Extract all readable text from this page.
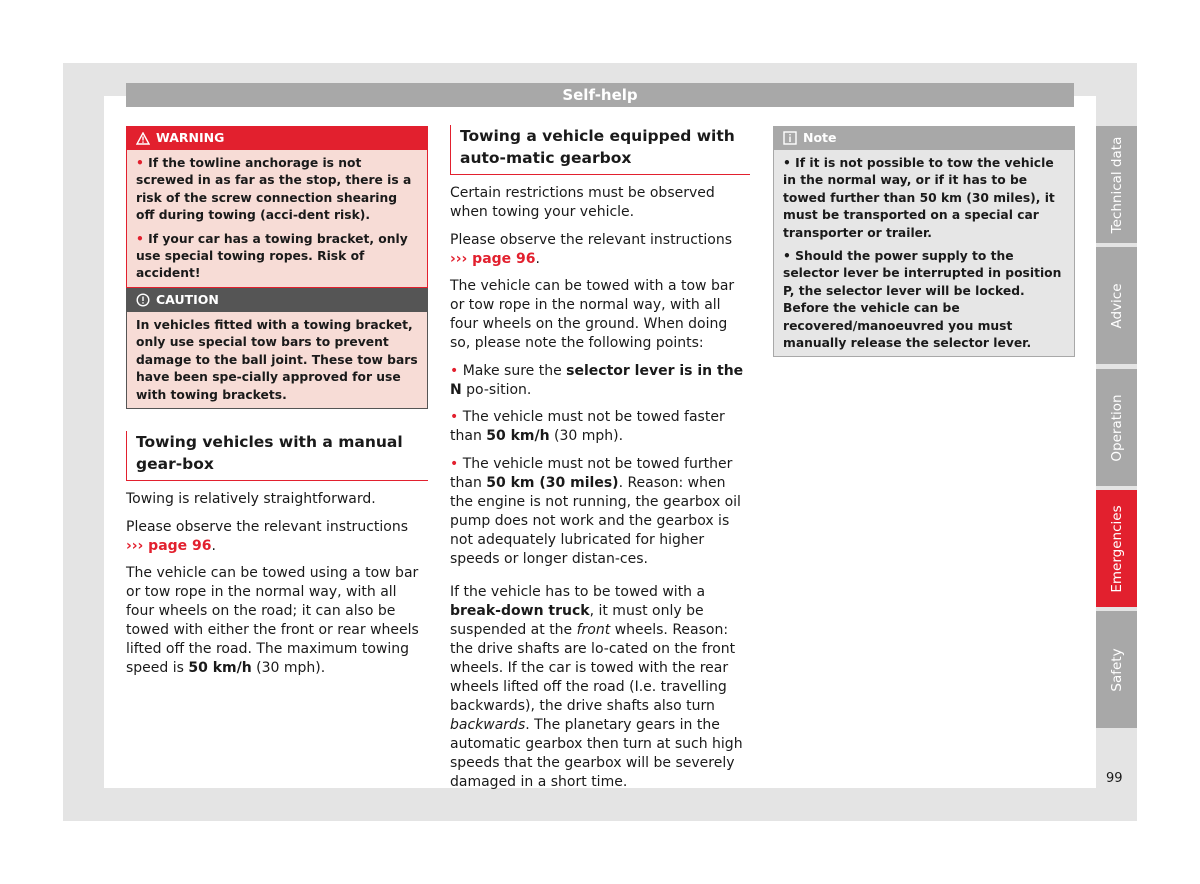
Self-help
WARNING

• If the towline anchorage is not screwed in as far as the stop, there is a risk of the screw connection shearing off during towing (acci-dent risk).

• If your car has a towing bracket, only use special towing ropes. Risk of accident!

CAUTION

In vehicles fitted with a towing bracket, only use special tow bars to prevent damage to the ball joint. These tow bars have been spe-cially approved for use with towing brackets.

Towing vehicles with a manual gear-box

Towing is relatively straightforward.

Please observe the relevant instructions
››› page 96.

The vehicle can be towed using a tow bar or tow rope in the normal way, with all four wheels on the road; it can also be towed with either the front or rear wheels lifted off the road. The maximum towing speed is 50 km/h (30 mph).

Towing a vehicle equipped with auto-matic gearbox

Certain restrictions must be observed when towing your vehicle.

Please observe the relevant instructions
››› page 96.

The vehicle can be towed with a tow bar or tow rope in the normal way, with all four wheels on the ground. When doing so, please note the following points:

• Make sure the selector lever is in the N po-sition.

• The vehicle must not be towed faster than 50 km/h (30 mph).

• The vehicle must not be towed further than 50 km (30 miles). Reason: when the engine is not running, the gearbox oil pump does not work and the gearbox is not adequately lubricated for higher speeds or longer distan-ces.

If the vehicle has to be towed with a break-down truck, it must only be suspended at the front wheels. Reason: the drive shafts are lo-cated on the front wheels. If the car is towed with the rear wheels lifted off the road (I.e. travelling backwards), the drive shafts also turn backwards. The planetary gears in the automatic gearbox then turn at such high speeds that the gearbox will be severely damaged in a short time.

Note

• If it is not possible to tow the vehicle in the normal way, or if it has to be towed further than 50 km (30 miles), it must be transported on a special car transporter or trailer.

• Should the power supply to the selector lever be interrupted in position P, the selector lever will be locked. Before the vehicle can be recovered/manoeuvred you must manually release the selector lever.

Technical data
Advice
Operation
Emergencies
Safety
99
